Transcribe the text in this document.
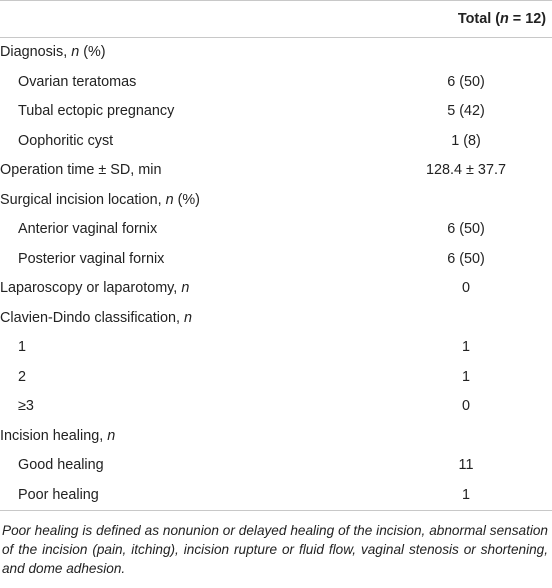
	Total (n = 12)
Diagnosis, n (%)	
Ovarian teratomas	6 (50)
Tubal ectopic pregnancy	5 (42)
Oophoritic cyst	1 (8)
Operation time ± SD, min	128.4 ± 37.7
Surgical incision location, n (%)	
Anterior vaginal fornix	6 (50)
Posterior vaginal fornix	6 (50)
Laparoscopy or laparotomy, n	0
Clavien-Dindo classification, n	
1	1
2	1
≥3	0
Incision healing, n	
Good healing	11
Poor healing	1
Poor healing is defined as nonunion or delayed healing of the incision, abnormal sensation of the incision (pain, itching), incision rupture or fluid flow, vaginal stenosis or shortening, and dome adhesion.
